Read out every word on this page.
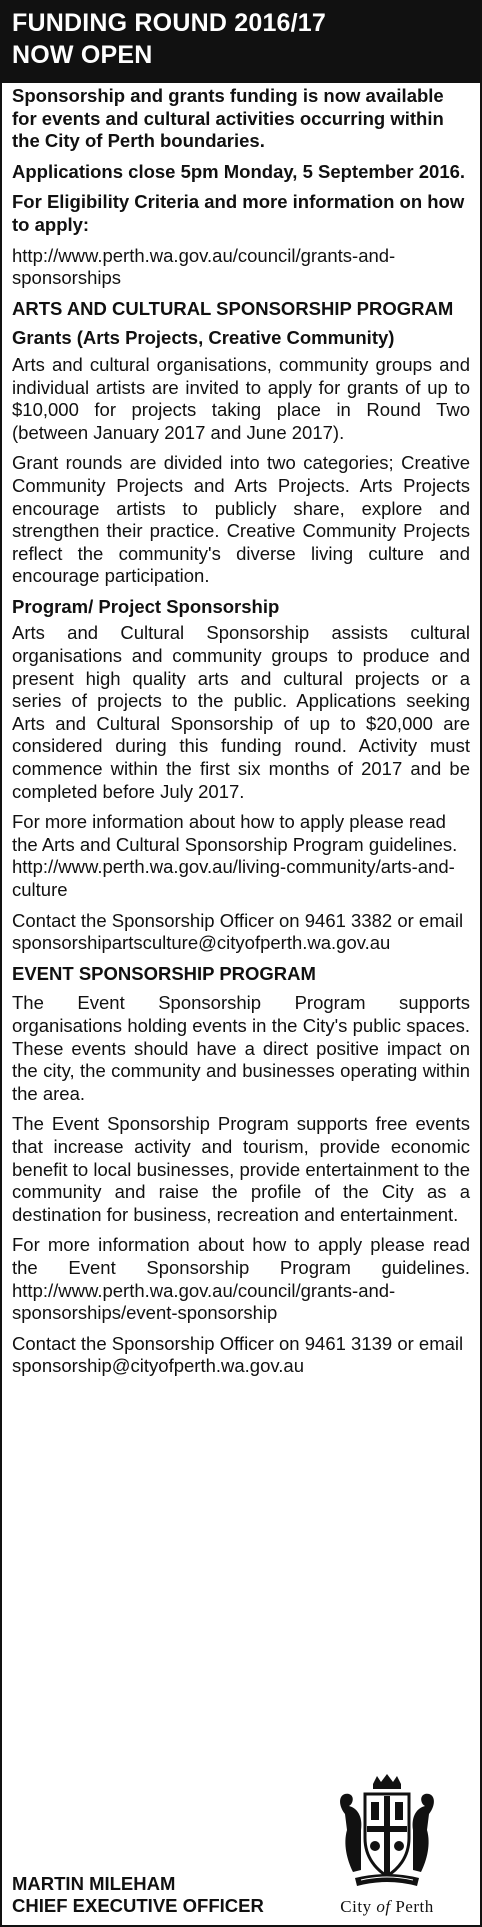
FUNDING ROUND 2016/17
NOW OPEN

Sponsorship and grants funding is now available for events and cultural activities occurring within the City of Perth boundaries.

Applications close 5pm Monday, 5 September 2016.

For Eligibility Criteria and more information on how to apply:

http://www.perth.wa.gov.au/council/grants-and-sponsorships

ARTS AND CULTURAL SPONSORSHIP PROGRAM
Grants (Arts Projects, Creative Community)

Arts and cultural organisations, community groups and individual artists are invited to apply for grants of up to $10,000 for projects taking place in Round Two (between January 2017 and June 2017).

Grant rounds are divided into two categories; Creative Community Projects and Arts Projects. Arts Projects encourage artists to publicly share, explore and strengthen their practice. Creative Community Projects reflect the community's diverse living culture and encourage participation.

Program/ Project Sponsorship

Arts and Cultural Sponsorship assists cultural organisations and community groups to produce and present high quality arts and cultural projects or a series of projects to the public. Applications seeking Arts and Cultural Sponsorship of up to $20,000 are considered during this funding round. Activity must commence within the first six months of 2017 and be completed before July 2017.

For more information about how to apply please read the Arts and Cultural Sponsorship Program guidelines. http://www.perth.wa.gov.au/living-community/arts-and-culture

Contact the Sponsorship Officer on 9461 3382 or email sponsorshipartsculture@cityofperth.wa.gov.au

EVENT SPONSORSHIP PROGRAM

The Event Sponsorship Program supports organisations holding events in the City's public spaces. These events should have a direct positive impact on the city, the community and businesses operating within the area.

The Event Sponsorship Program supports free events that increase activity and tourism, provide economic benefit to local businesses, provide entertainment to the community and raise the profile of the City as a destination for business, recreation and entertainment.

For more information about how to apply please read the Event Sponsorship Program guidelines. http://www.perth.wa.gov.au/council/grants-and-sponsorships/event-sponsorship

Contact the Sponsorship Officer on 9461 3139 or email sponsorship@cityofperth.wa.gov.au

MARTIN MILEHAM
CHIEF EXECUTIVE OFFICER	City of Perth
